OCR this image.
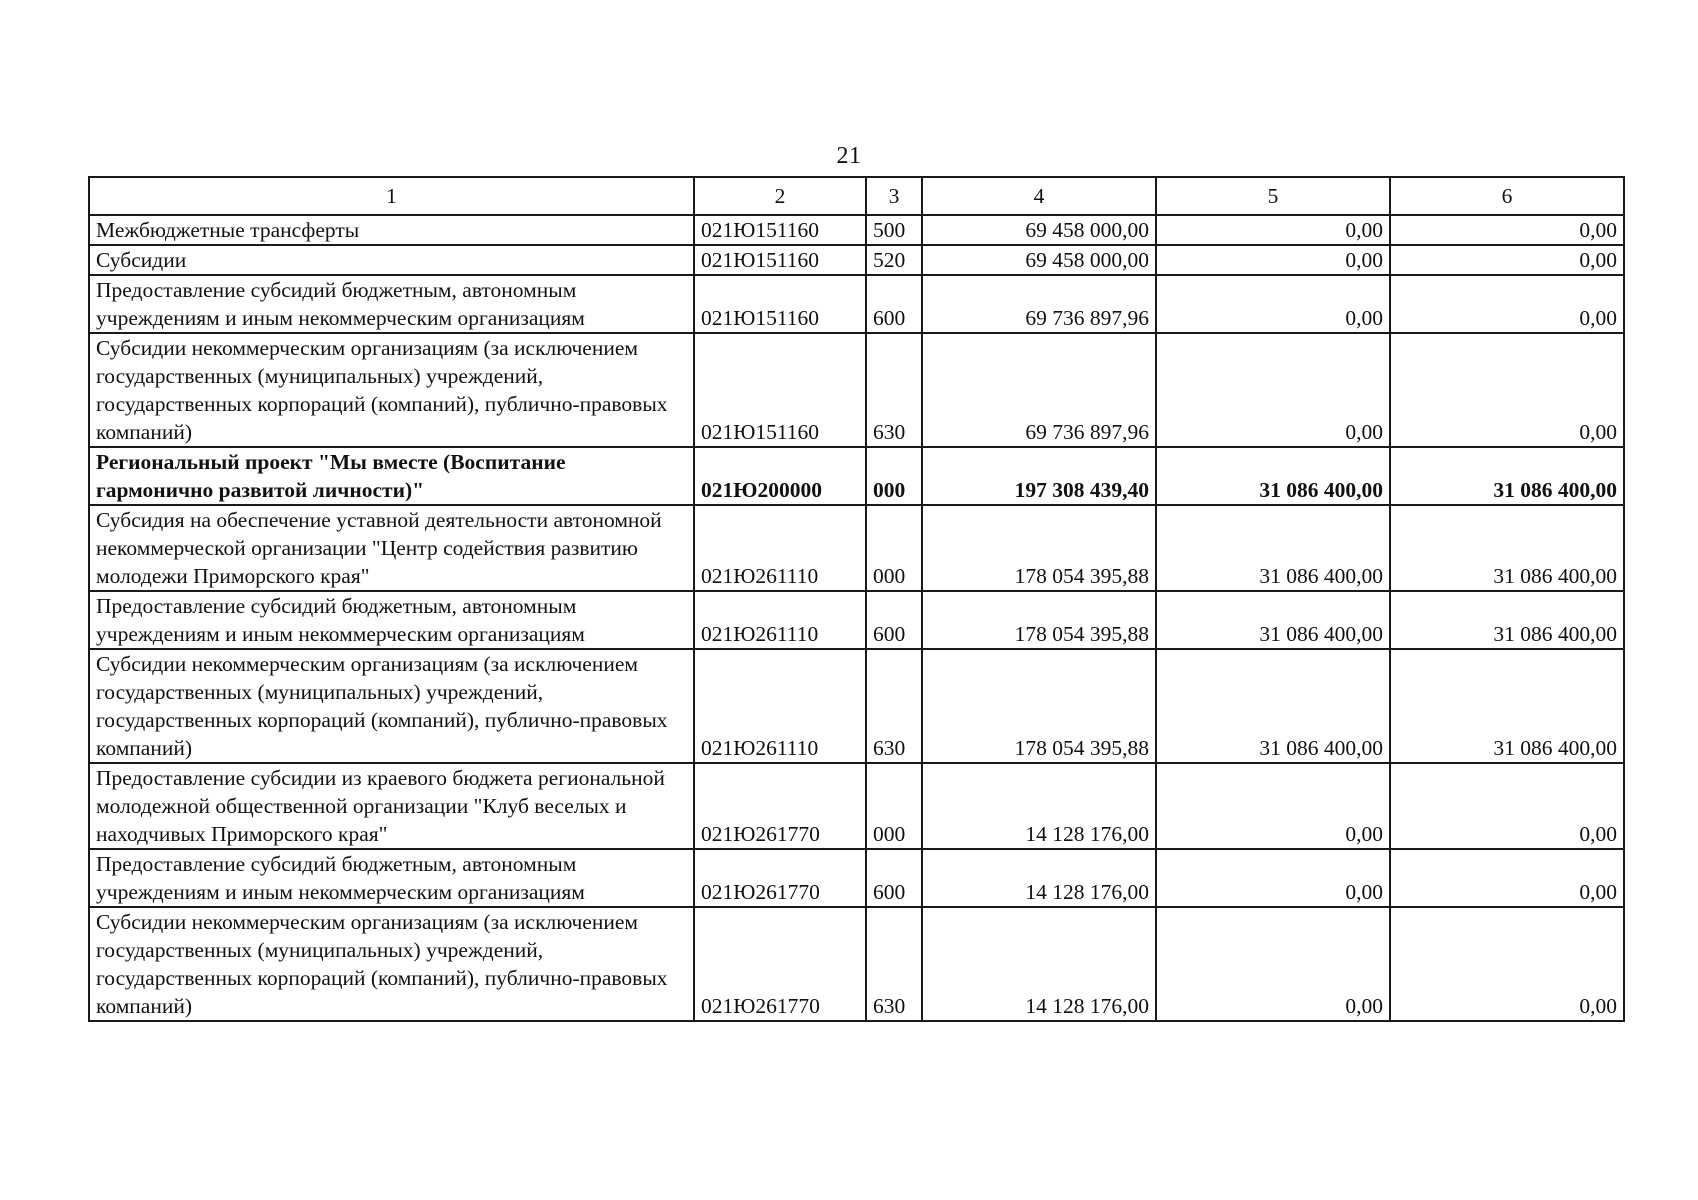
21
1	2	3	4	5	6
Межбюджетные трансферты	021Ю151160	500	69 458 000,00	0,00	0,00
Субсидии	021Ю151160	520	69 458 000,00	0,00	0,00
Предоставление субсидий бюджетным, автономным учреждениям и иным некоммерческим организациям	021Ю151160	600	69 736 897,96	0,00	0,00
Субсидии некоммерческим организациям (за исключением государственных (муниципальных) учреждений, государственных корпораций (компаний), публично-правовых компаний)	021Ю151160	630	69 736 897,96	0,00	0,00
Региональный проект "Мы вместе (Воспитание гармонично развитой личности)"	021Ю200000	000	197 308 439,40	31 086 400,00	31 086 400,00
Субсидия на обеспечение уставной деятельности автономной некоммерческой организации "Центр содействия развитию молодежи Приморского края"	021Ю261110	000	178 054 395,88	31 086 400,00	31 086 400,00
Предоставление субсидий бюджетным, автономным учреждениям и иным некоммерческим организациям	021Ю261110	600	178 054 395,88	31 086 400,00	31 086 400,00
Субсидии некоммерческим организациям (за исключением государственных (муниципальных) учреждений, государственных корпораций (компаний), публично-правовых компаний)	021Ю261110	630	178 054 395,88	31 086 400,00	31 086 400,00
Предоставление субсидии из краевого бюджета региональной молодежной общественной организации "Клуб веселых и находчивых Приморского края"	021Ю261770	000	14 128 176,00	0,00	0,00
Предоставление субсидий бюджетным, автономным учреждениям и иным некоммерческим организациям	021Ю261770	600	14 128 176,00	0,00	0,00
Субсидии некоммерческим организациям (за исключением государственных (муниципальных) учреждений, государственных корпораций (компаний), публично-правовых компаний)	021Ю261770	630	14 128 176,00	0,00	0,00
